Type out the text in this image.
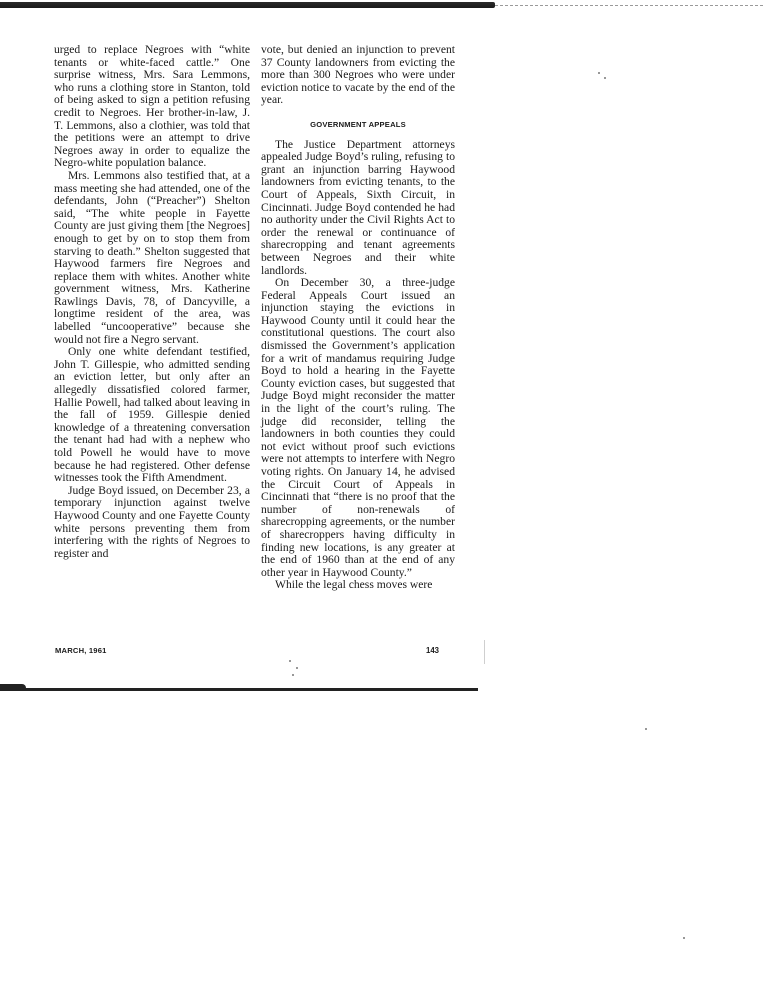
urged to replace Negroes with “white tenants or white-faced cattle.” One surprise witness, Mrs. Sara Lemmons, who runs a clothing store in Stanton, told of being asked to sign a petition refusing credit to Negroes. Her brother-in-law, J. T. Lemmons, also a clothier, was told that the petitions were an attempt to drive Negroes away in order to equalize the Negro-white population balance.

Mrs. Lemmons also testified that, at a mass meeting she had attended, one of the defendants, John (“Preacher”) Shelton said, “The white people in Fayette County are just giving them [the Negroes] enough to get by on to stop them from starving to death.” Shelton suggested that Haywood farmers fire Negroes and replace them with whites. Another white government witness, Mrs. Katherine Rawlings Davis, 78, of Dancyville, a longtime resident of the area, was labelled “uncooperative” because she would not fire a Negro servant.

Only one white defendant testified, John T. Gillespie, who admitted sending an eviction letter, but only after an allegedly dissatisfied colored farmer, Hallie Powell, had talked about leaving in the fall of 1959. Gillespie denied knowledge of a threatening conversation the tenant had had with a nephew who told Powell he would have to move because he had registered. Other defense witnesses took the Fifth Amendment.

Judge Boyd issued, on December 23, a temporary injunction against twelve Haywood County and one Fayette County white persons preventing them from interfering with the rights of Negroes to register and

vote, but denied an injunction to prevent 37 County landowners from evicting the more than 300 Negroes who were under eviction notice to vacate by the end of the year.

GOVERNMENT APPEALS

The Justice Department attorneys appealed Judge Boyd’s ruling, refusing to grant an injunction barring Haywood landowners from evicting tenants, to the Court of Appeals, Sixth Circuit, in Cincinnati. Judge Boyd contended he had no authority under the Civil Rights Act to order the renewal or continuance of sharecropping and tenant agreements between Negroes and their white landlords.

On December 30, a three-judge Federal Appeals Court issued an injunction staying the evictions in Haywood County until it could hear the constitutional questions. The court also dismissed the Government’s application for a writ of mandamus requiring Judge Boyd to hold a hearing in the Fayette County eviction cases, but suggested that Judge Boyd might reconsider the matter in the light of the court’s ruling. The judge did reconsider, telling the landowners in both counties they could not evict without proof such evictions were not attempts to interfere with Negro voting rights. On January 14, he advised the Circuit Court of Appeals in Cincinnati that “there is no proof that the number of non-renewals of sharecropping agreements, or the number of sharecroppers having difficulty in finding new locations, is any greater at the end of 1960 than at the end of any other year in Haywood County.”

While the legal chess moves were

MARCH, 1961	143
